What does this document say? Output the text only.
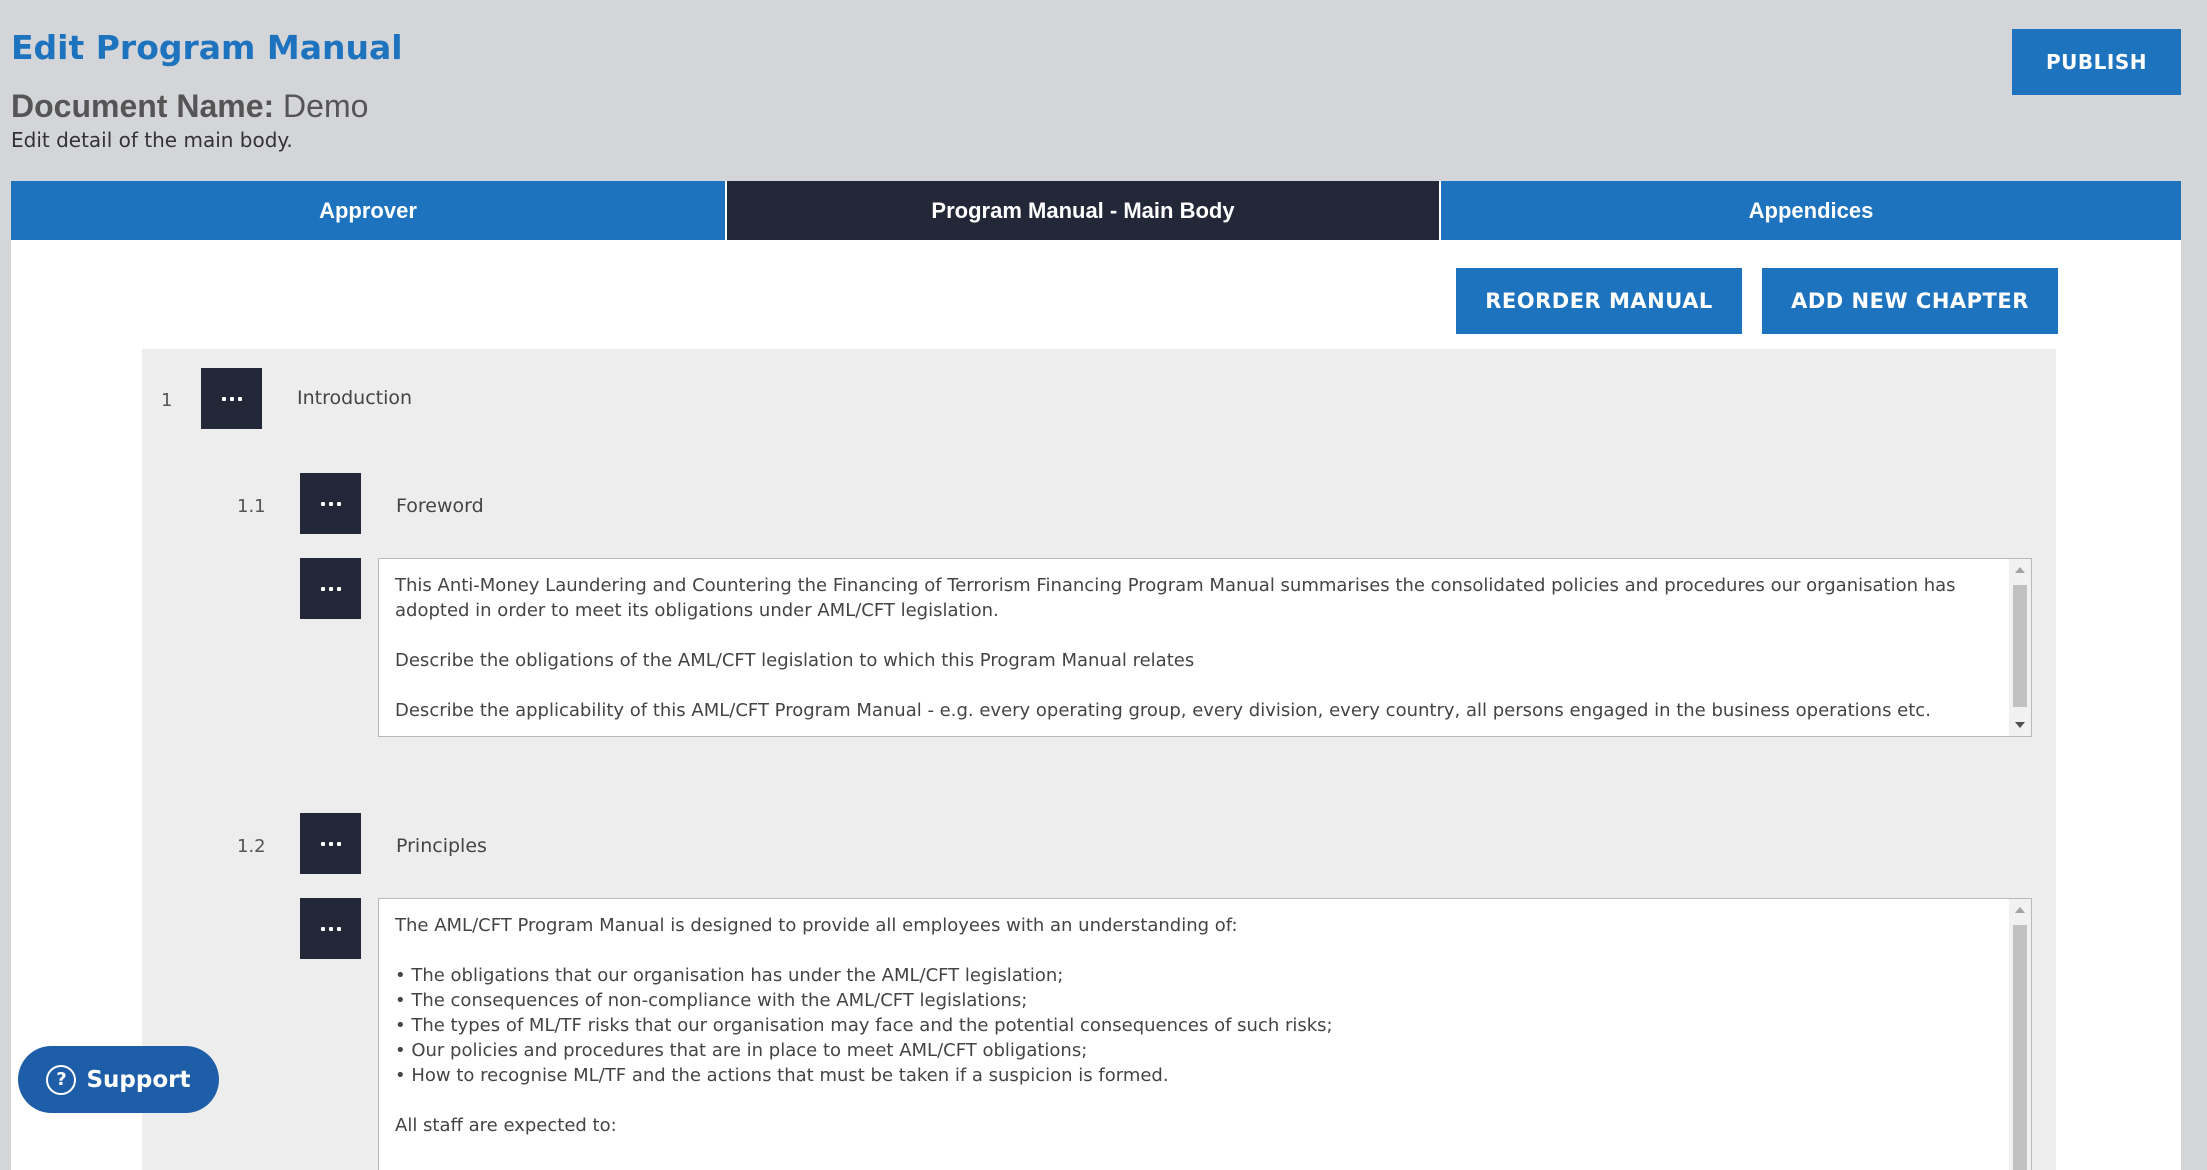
Edit Program Manual
Document Name: Demo
Edit detail of the main body.
PUBLISH
Approver	Program Manual - Main Body	Appendices
REORDER MANUAL	ADD NEW CHAPTER
1	Introduction
1.1	Foreword
This Anti-Money Laundering and Countering the Financing of Terrorism Financing Program Manual summarises the consolidated policies and procedures our organisation has adopted in order to meet its obligations under AML/CFT legislation.

Describe the obligations of the AML/CFT legislation to which this Program Manual relates

Describe the applicability of this AML/CFT Program Manual - e.g. every operating group, every division, every country, all persons engaged in the business operations etc.
1.2	Principles
The AML/CFT Program Manual is designed to provide all employees with an understanding of:

• The obligations that our organisation has under the AML/CFT legislation;
• The consequences of non-compliance with the AML/CFT legislations;
• The types of ML/TF risks that our organisation may face and the potential consequences of such risks;
• Our policies and procedures that are in place to meet AML/CFT obligations;
• How to recognise ML/TF and the actions that must be taken if a suspicion is formed.

All staff are expected to:
? Support
